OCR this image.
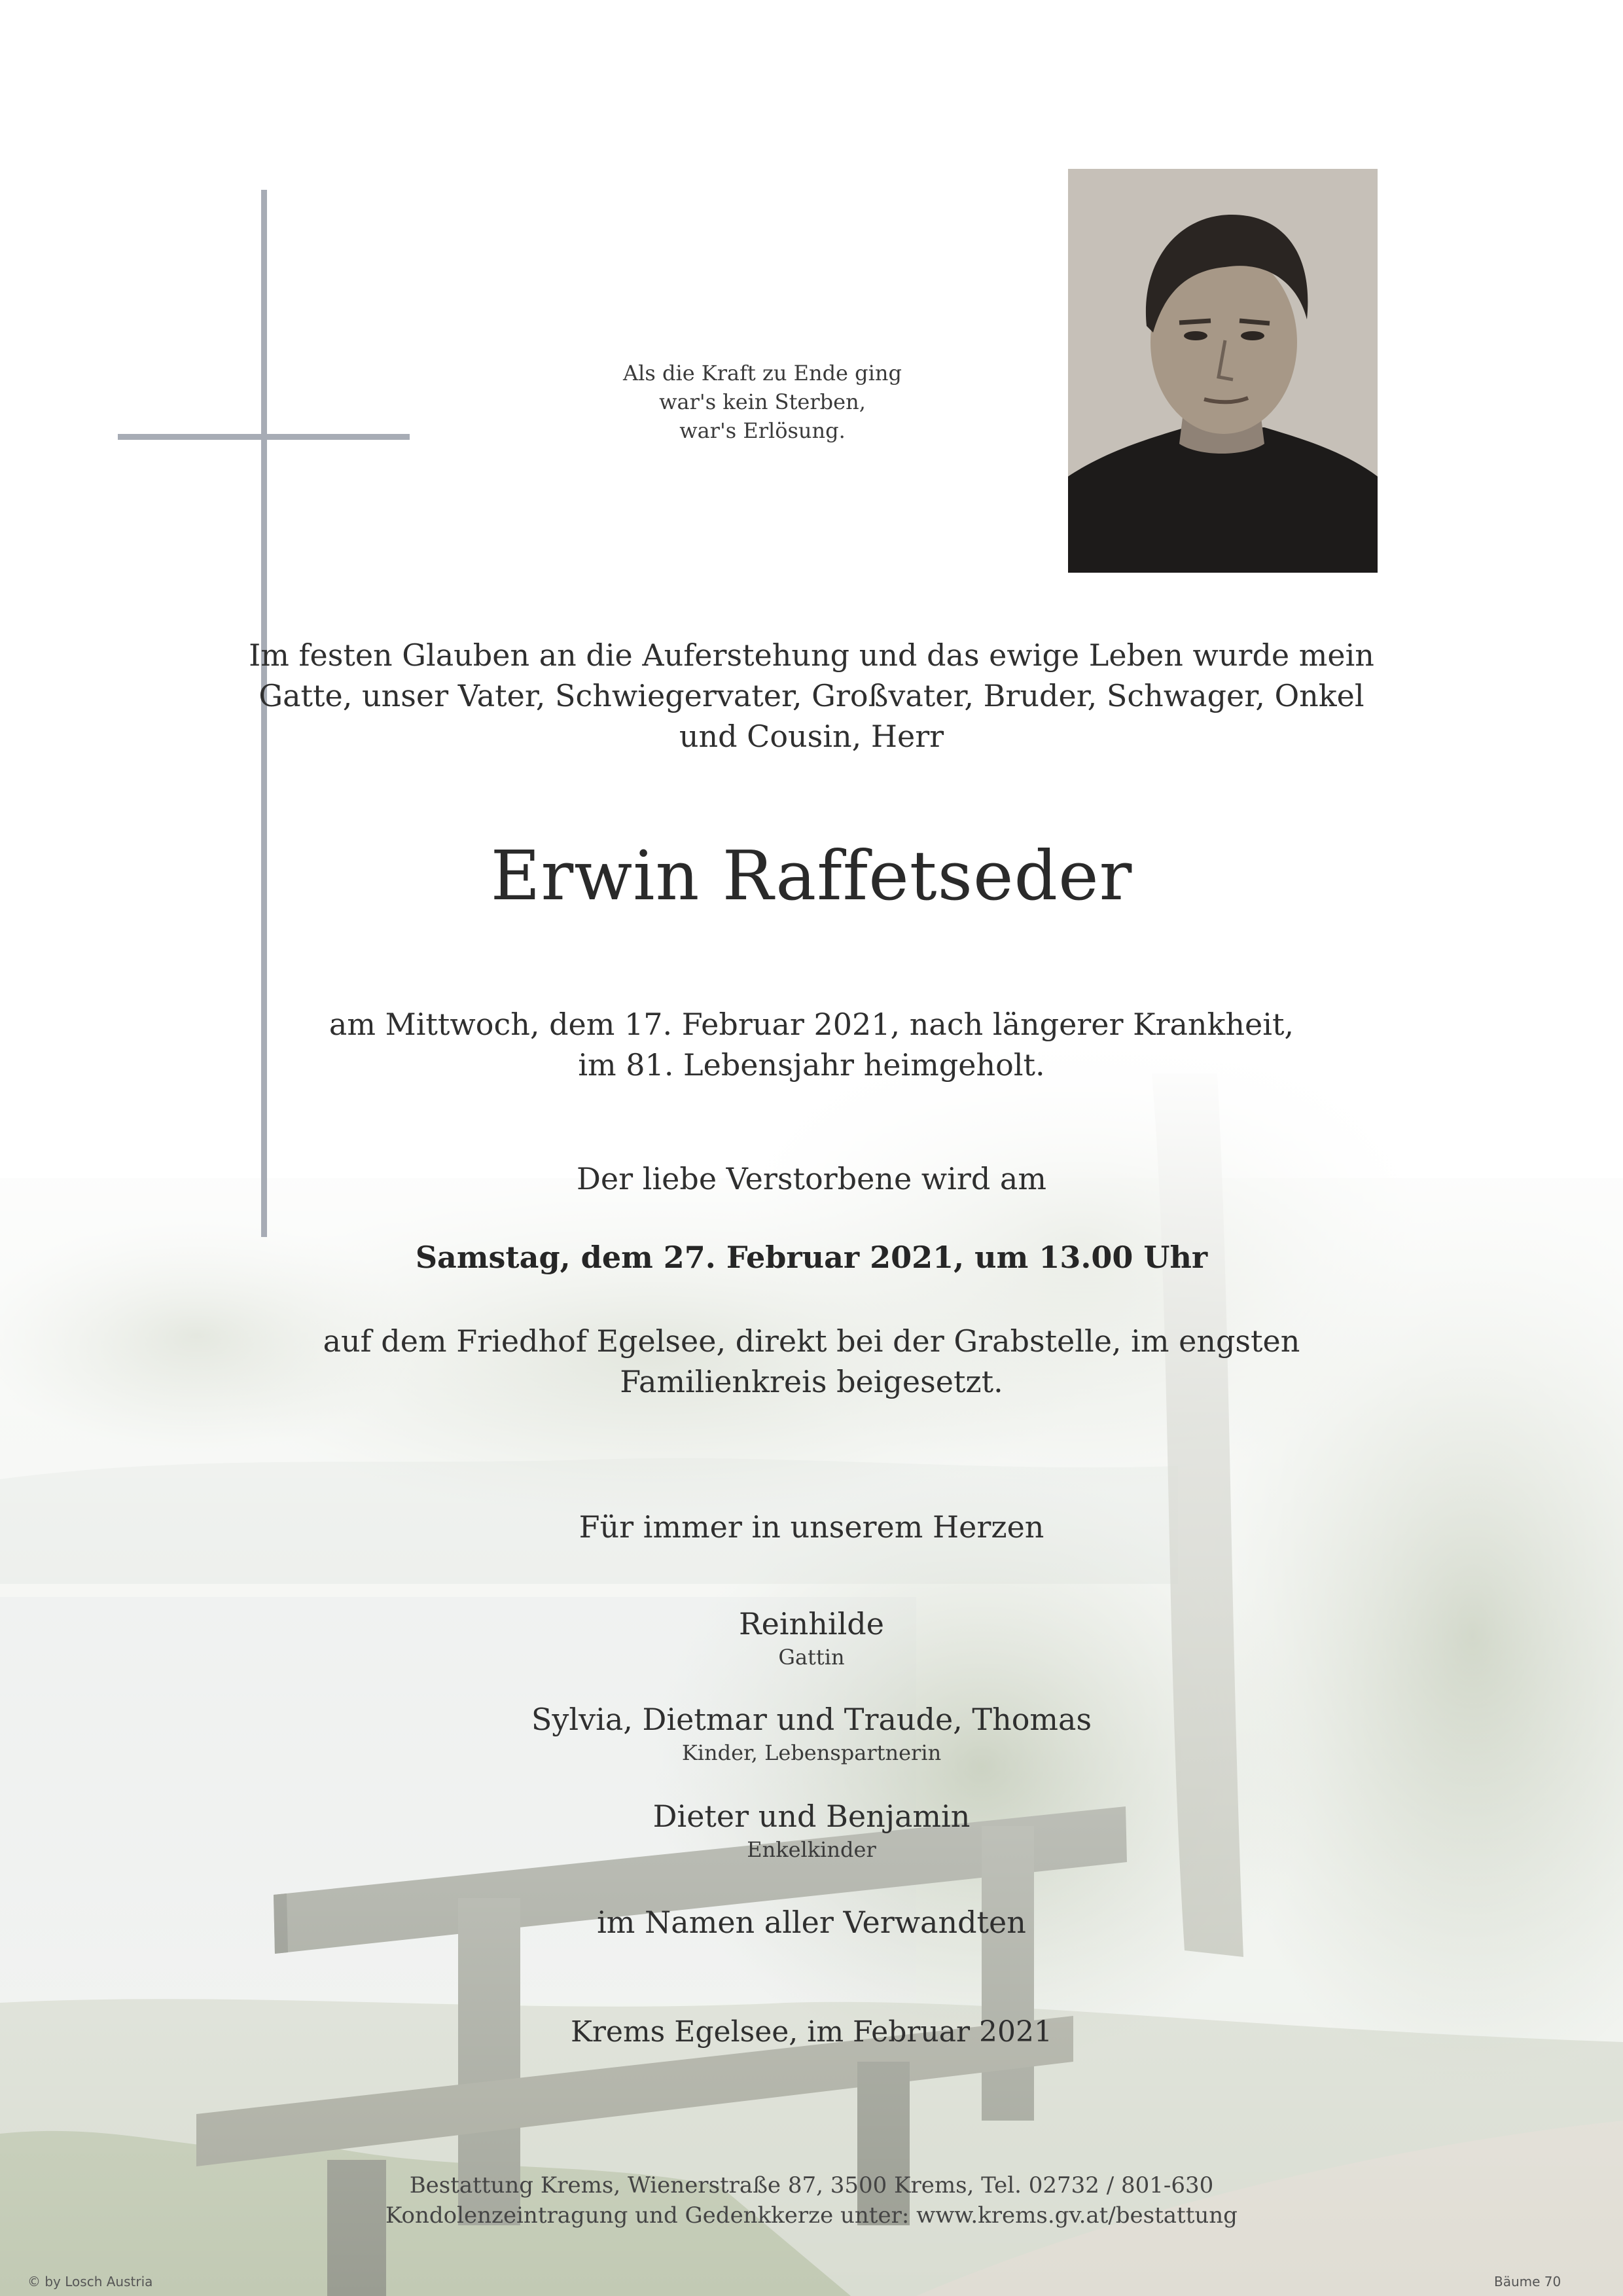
Als die Kraft zu Ende ging
war's kein Sterben,
war's Erlösung.
Im festen Glauben an die Auferstehung und das ewige Leben wurde mein
Gatte, unser Vater, Schwiegervater, Großvater, Bruder, Schwager, Onkel
und Cousin, Herr
Erwin Raffetseder
am Mittwoch, dem 17. Februar 2021, nach längerer Krankheit,
im 81. Lebensjahr heimgeholt.
Der liebe Verstorbene wird am
Samstag, dem 27. Februar 2021, um 13.00 Uhr
auf dem Friedhof Egelsee, direkt bei der Grabstelle, im engsten
Familienkreis beigesetzt.
Für immer in unserem Herzen
Reinhilde
Gattin
Sylvia, Dietmar und Traude, Thomas
Kinder, Lebenspartnerin
Dieter und Benjamin
Enkelkinder
im Namen aller Verwandten
Krems Egelsee, im Februar 2021
Bestattung Krems, Wienerstraße 87, 3500 Krems, Tel. 02732 / 801-630
Kondolenzeintragung und Gedenkkerze unter: www.krems.gv.at/bestattung
© by Losch Austria	Bäume 70
